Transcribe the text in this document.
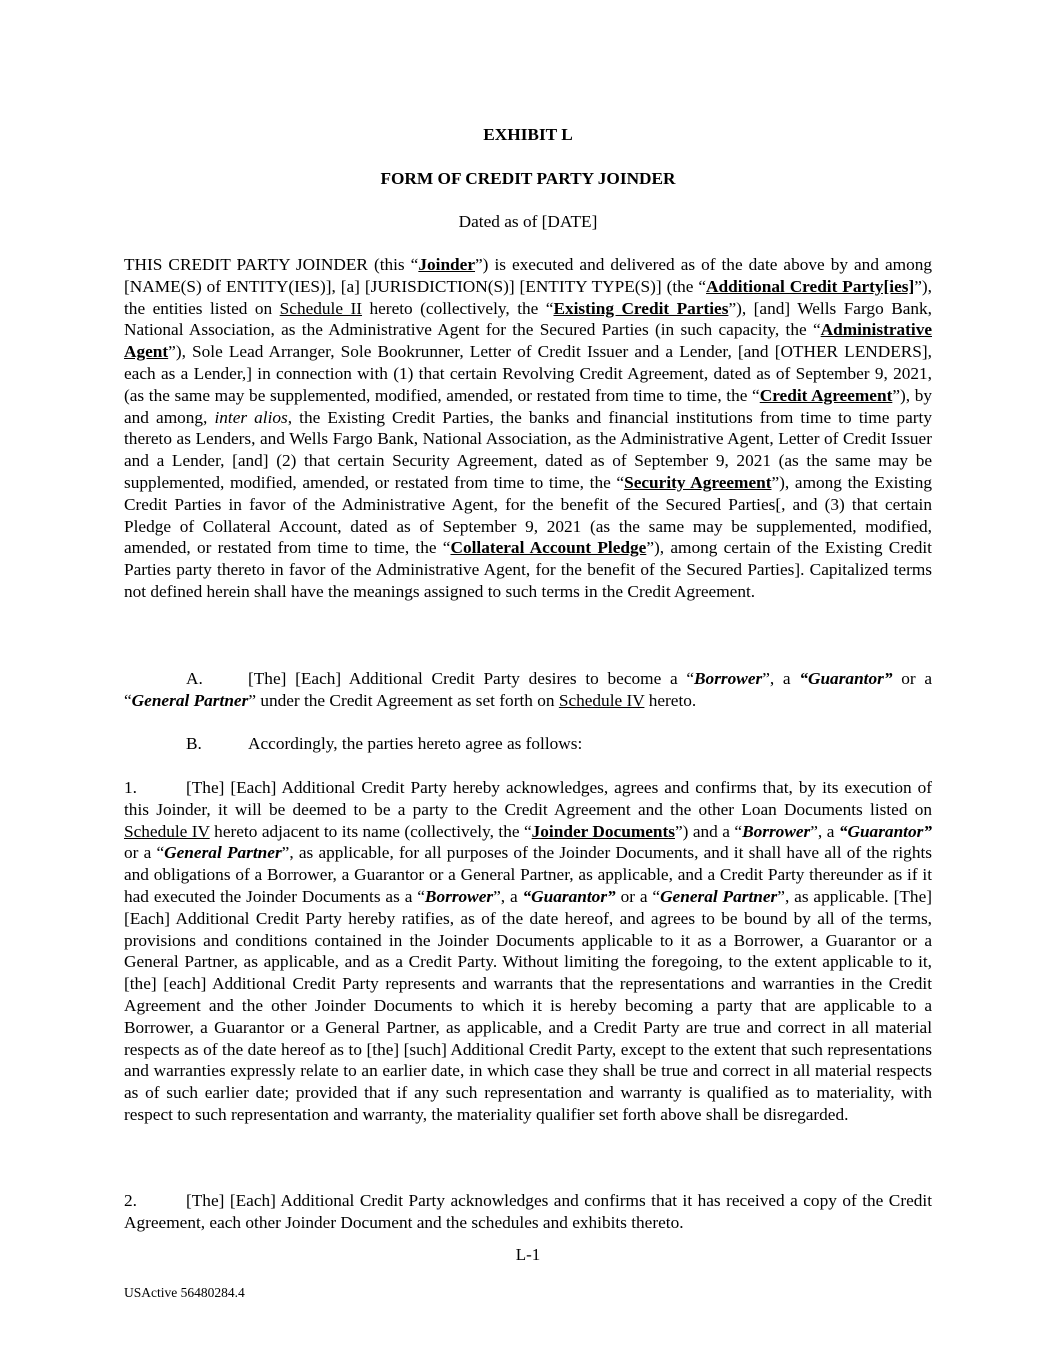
EXHIBIT L
FORM OF CREDIT PARTY JOINDER
Dated as of [DATE]

THIS CREDIT PARTY JOINDER (this “Joinder”) is executed and delivered as of the date above by and among [NAME(S) of ENTITY(IES)], [a] [JURISDICTION(S)] [ENTITY TYPE(S)] (the “Additional Credit Party[ies]”), the entities listed on Schedule II hereto (collectively, the “Existing Credit Parties”), [and] Wells Fargo Bank, National Association, as the Administrative Agent for the Secured Parties (in such capacity, the “Administrative Agent”), Sole Lead Arranger, Sole Bookrunner, Letter of Credit Issuer and a Lender, [and [OTHER LENDERS], each as a Lender,] in connection with (1) that certain Revolving Credit Agreement, dated as of September 9, 2021, (as the same may be supplemented, modified, amended, or restated from time to time, the “Credit Agreement”), by and among, inter alios, the Existing Credit Parties, the banks and financial institutions from time to time party thereto as Lenders, and Wells Fargo Bank, National Association, as the Administrative Agent, Letter of Credit Issuer and a Lender, [and] (2) that certain Security Agreement, dated as of September 9, 2021 (as the same may be supplemented, modified, amended, or restated from time to time, the “Security Agreement”), among the Existing Credit Parties in favor of the Administrative Agent, for the benefit of the Secured Parties[, and (3) that certain Pledge of Collateral Account, dated as of September 9, 2021 (as the same may be supplemented, modified, amended, or restated from time to time, the “Collateral Account Pledge”), among certain of the Existing Credit Parties party thereto in favor of the Administrative Agent, for the benefit of the Secured Parties]. Capitalized terms not defined herein shall have the meanings assigned to such terms in the Credit Agreement.

A.	[The] [Each] Additional Credit Party desires to become a “Borrower”, a “Guarantor” or a “General Partner” under the Credit Agreement as set forth on Schedule IV hereto.

B.	Accordingly, the parties hereto agree as follows:

1.	[The] [Each] Additional Credit Party hereby acknowledges, agrees and confirms that, by its execution of this Joinder, it will be deemed to be a party to the Credit Agreement and the other Loan Documents listed on Schedule IV hereto adjacent to its name (collectively, the “Joinder Documents”) and a “Borrower”, a “Guarantor” or a “General Partner”, as applicable, for all purposes of the Joinder Documents, and it shall have all of the rights and obligations of a Borrower, a Guarantor or a General Partner, as applicable, and a Credit Party thereunder as if it had executed the Joinder Documents as a “Borrower”, a “Guarantor” or a “General Partner”, as applicable. [The] [Each] Additional Credit Party hereby ratifies, as of the date hereof, and agrees to be bound by all of the terms, provisions and conditions contained in the Joinder Documents applicable to it as a Borrower, a Guarantor or a General Partner, as applicable, and as a Credit Party. Without limiting the foregoing, to the extent applicable to it, [the] [each] Additional Credit Party represents and warrants that the representations and warranties in the Credit Agreement and the other Joinder Documents to which it is hereby becoming a party that are applicable to a Borrower, a Guarantor or a General Partner, as applicable, and a Credit Party are true and correct in all material respects as of the date hereof as to [the] [such] Additional Credit Party, except to the extent that such representations and warranties expressly relate to an earlier date, in which case they shall be true and correct in all material respects as of such earlier date; provided that if any such representation and warranty is qualified as to materiality, with respect to such representation and warranty, the materiality qualifier set forth above shall be disregarded.

2.	[The] [Each] Additional Credit Party acknowledges and confirms that it has received a copy of the Credit Agreement, each other Joinder Document and the schedules and exhibits thereto.

L-1
USActive 56480284.4
